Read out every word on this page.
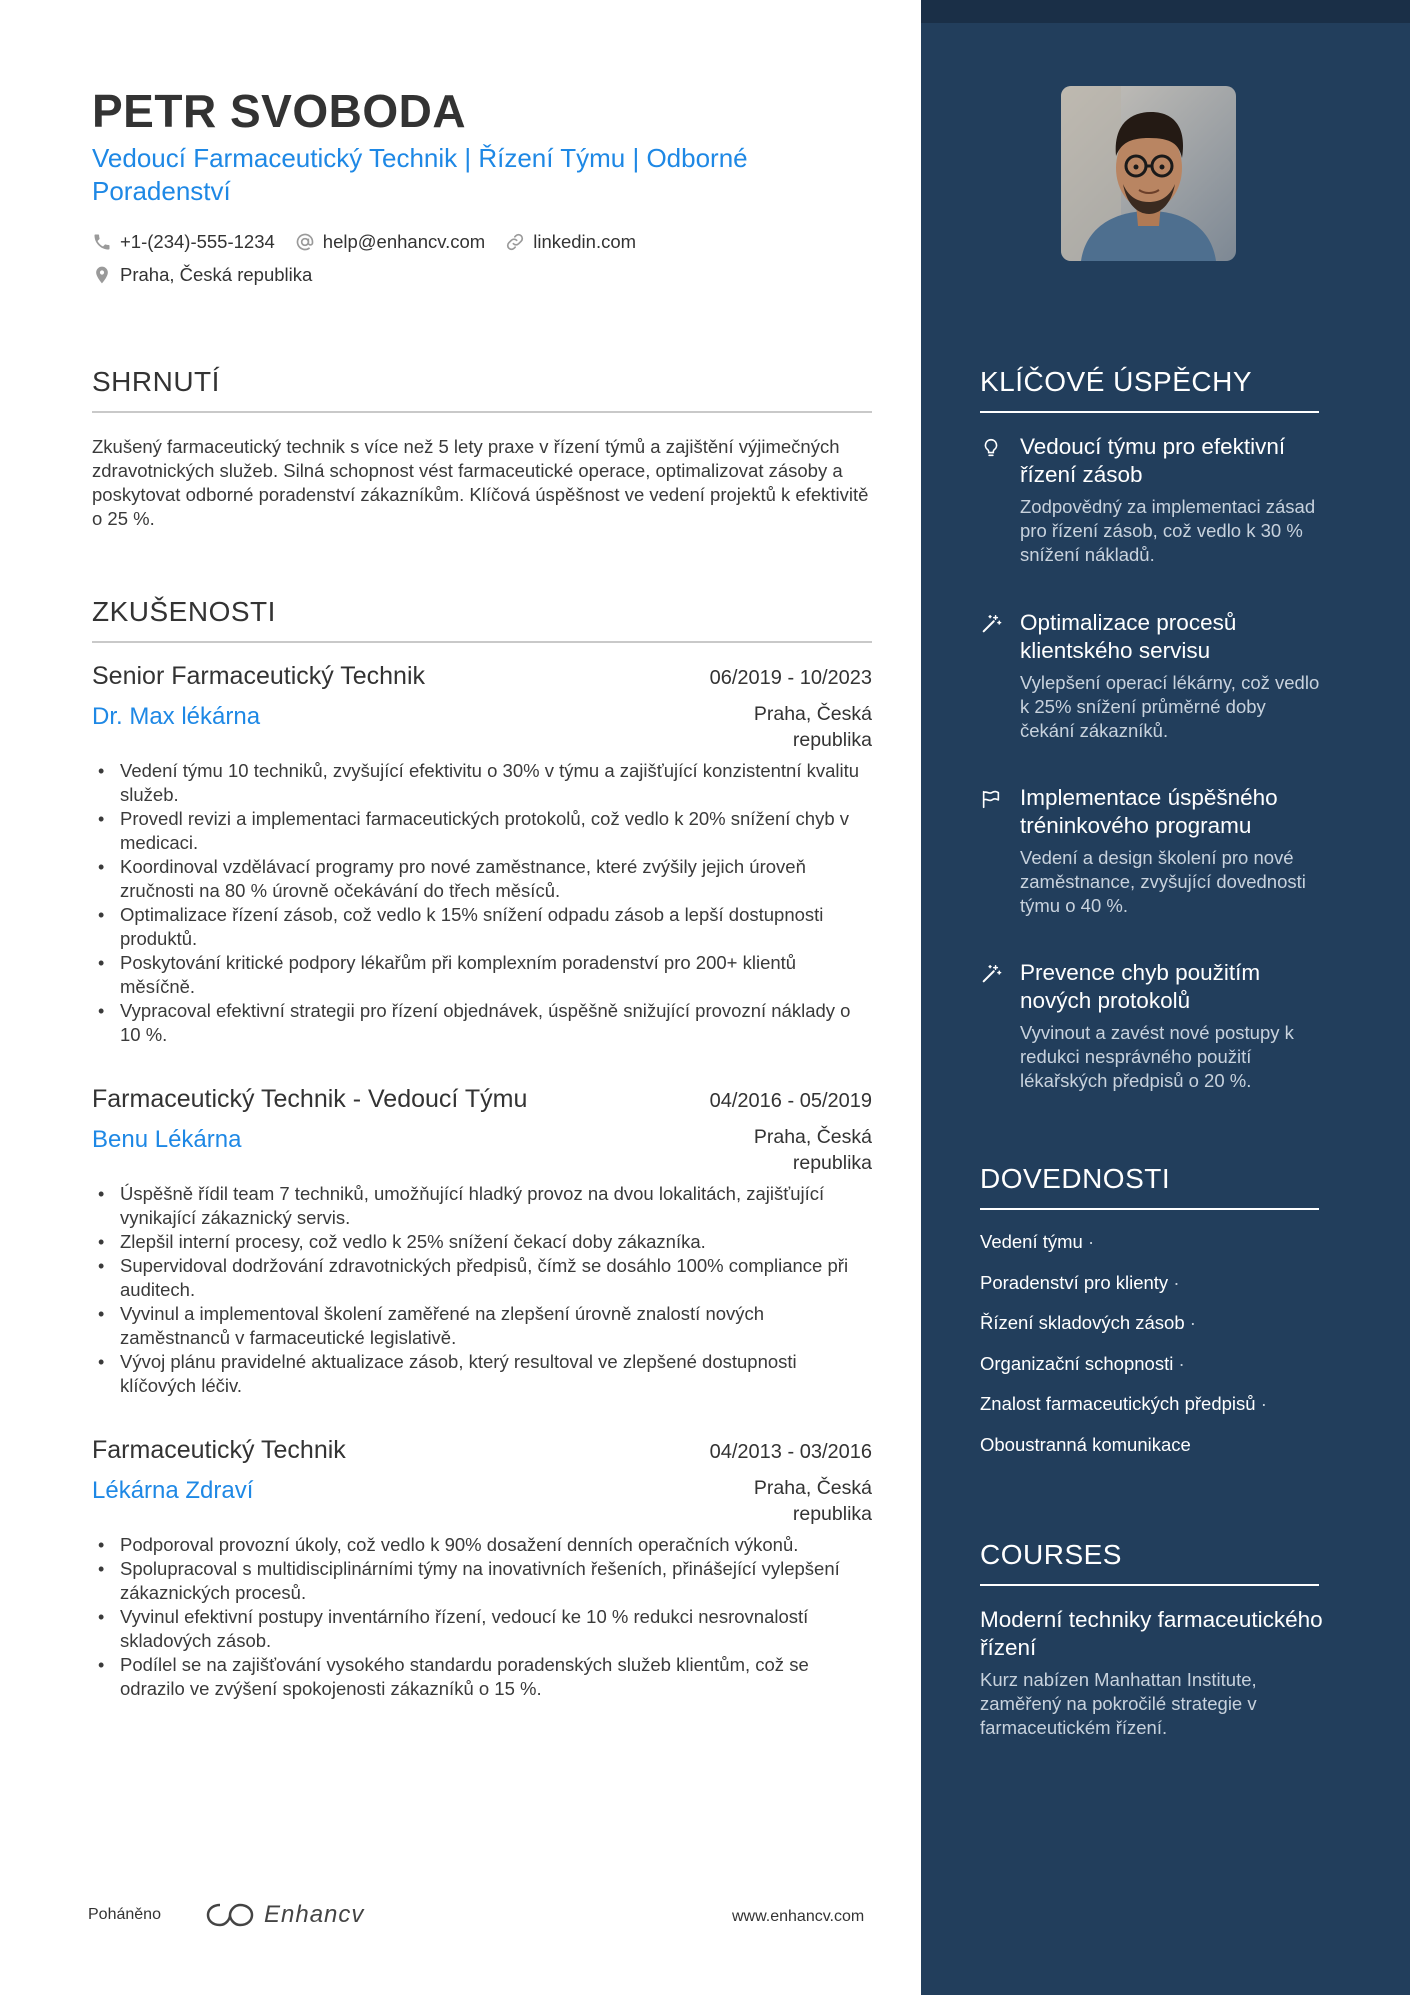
PETR SVOBODA
Vedoucí Farmaceutický Technik | Řízení Týmu | Odborné Poradenství
+1-(234)-555-1234	help@enhancv.com	linkedin.com
Praha, Česká republika
SHRNUTÍ
Zkušený farmaceutický technik s více než 5 lety praxe v řízení týmů a zajištění výjimečných zdravotnických služeb. Silná schopnost vést farmaceutické operace, optimalizovat zásoby a poskytovat odborné poradenství zákazníkům. Klíčová úspěšnost ve vedení projektů k efektivitě o 25 %.
ZKUŠENOSTI
Senior Farmaceutický Technik	06/2019 - 10/2023
Dr. Max lékárna	Praha, Česká republika
• Vedení týmu 10 techniků, zvyšující efektivitu o 30% v týmu a zajišťující konzistentní kvalitu služeb.
• Provedl revizi a implementaci farmaceutických protokolů, což vedlo k 20% snížení chyb v medicaci.
• Koordinoval vzdělávací programy pro nové zaměstnance, které zvýšily jejich úroveň zručnosti na 80 % úrovně očekávání do třech měsíců.
• Optimalizace řízení zásob, což vedlo k 15% snížení odpadu zásob a lepší dostupnosti produktů.
• Poskytování kritické podpory lékařům při komplexním poradenství pro 200+ klientů měsíčně.
• Vypracoval efektivní strategii pro řízení objednávek, úspěšně snižující provozní náklady o 10 %.
Farmaceutický Technik - Vedoucí Týmu	04/2016 - 05/2019
Benu Lékárna	Praha, Česká republika
• Úspěšně řídil team 7 techniků, umožňující hladký provoz na dvou lokalitách, zajišťující vynikající zákaznický servis.
• Zlepšil interní procesy, což vedlo k 25% snížení čekací doby zákazníka.
• Supervidoval dodržování zdravotnických předpisů, čímž se dosáhlo 100% compliance při auditech.
• Vyvinul a implementoval školení zaměřené na zlepšení úrovně znalostí nových zaměstnanců v farmaceutické legislativě.
• Vývoj plánu pravidelné aktualizace zásob, který resultoval ve zlepšené dostupnosti klíčových léčiv.
Farmaceutický Technik	04/2013 - 03/2016
Lékárna Zdraví	Praha, Česká republika
• Podporoval provozní úkoly, což vedlo k 90% dosažení denních operačních výkonů.
• Spolupracoval s multidisciplinárními týmy na inovativních řešeních, přinášející vylepšení zákaznických procesů.
• Vyvinul efektivní postupy inventárního řízení, vedoucí ke 10 % redukci nesrovnalostí skladových zásob.
• Podílel se na zajišťování vysokého standardu poradenských služeb klientům, což se odrazilo ve zvýšení spokojenosti zákazníků o 15 %.
Poháněno	Enhancv	www.enhancv.com
KLÍČOVÉ ÚSPĚCHY
Vedoucí týmu pro efektivní řízení zásob
Zodpovědný za implementaci zásad pro řízení zásob, což vedlo k 30 % snížení nákladů.
Optimalizace procesů klientského servisu
Vylepšení operací lékárny, což vedlo k 25% snížení průměrné doby čekání zákazníků.
Implementace úspěšného tréninkového programu
Vedení a design školení pro nové zaměstnance, zvyšující dovednosti týmu o 40 %.
Prevence chyb použitím nových protokolů
Vyvinout a zavést nové postupy k redukci nesprávného použití lékařských předpisů o 20 %.
DOVEDNOSTI
Vedení týmu ·
Poradenství pro klienty ·
Řízení skladových zásob ·
Organizační schopnosti ·
Znalost farmaceutických předpisů ·
Oboustranná komunikace
COURSES
Moderní techniky farmaceutického řízení
Kurz nabízen Manhattan Institute, zaměřený na pokročilé strategie v farmaceutickém řízení.
